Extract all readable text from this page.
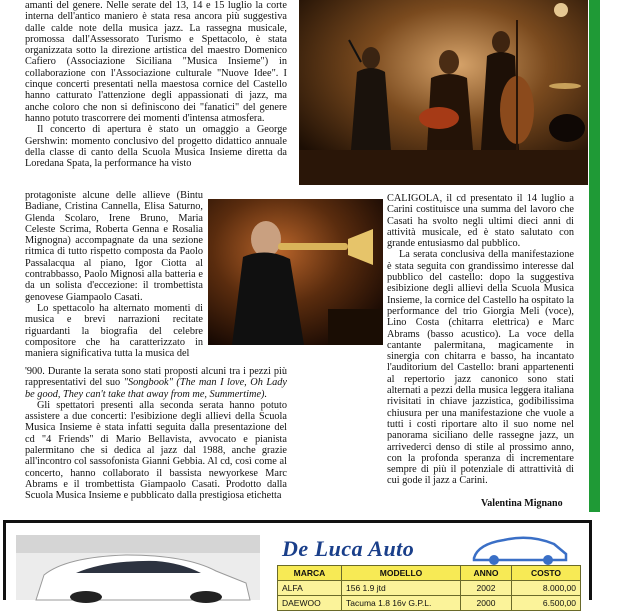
Giorgia Meli - L. Costa - M. Ambras

amanti del genere. Nelle serate del 13, 14 e 15 luglio la corte interna dell'antico maniero è stata resa ancora più suggestiva dalle calde note della musica jazz. La rassegna musicale, promossa dall'Assessorato Turismo e Spettacolo, è stata organizzata sotto la direzione artistica del maestro Domenico Cafiero (Associazione Siciliana "Musica Insieme") in collaborazione con l'Associazione culturale "Nuove Idee". I cinque concerti presentati nella maestosa cornice del Castello hanno catturato l'attenzione degli appassionati di jazz, ma anche coloro che non si definiscono dei "fanatici" del genere hanno potuto trascorrere dei momenti d'intensa atmosfera.

Il concerto di apertura è stato un omaggio a George Gershwin: momento conclusivo del progetto didattico annuale della classe di canto della Scuola Musica Insieme diretta da Loredana Spata, la performance ha visto

protagoniste alcune delle allieve (Bintu Badiane, Cristina Cannella, Elisa Saturno, Glenda Scolaro, Irene Bruno, Maria Celeste Scrima, Roberta Genna e Rosalia Mignogna) accompagnate da una sezione ritmica di tutto rispetto composta da Paolo Passalacqua al piano, Igor Ciotta al contrabbasso, Paolo Mignosi alla batteria e da un solista d'eccezione: il trombettista genovese Giampaolo Casati.

Lo spettacolo ha alternato momenti di musica e brevi narrazioni recitate riguardanti la biografia del celebre compositore che ha caratterizzato in maniera significativa tutta la musica del

'900. Durante la serata sono stati proposti alcuni tra i pezzi più rappresentativi del suo "Songbook" (The man I love, Oh Lady be good, They can't take that away from me, Summertime).

Gli spettatori presenti alla seconda serata hanno potuto assistere a due concerti: l'esibizione degli allievi della Scuola Musica Insieme è stata infatti seguita dalla presentazione del cd "4 Friends" di Mario Bellavista, avvocato e pianista palermitano che si dedica al jazz dal 1988, anche grazie all'incontro col sassofonista Gianni Gebbia. Al cd, così come al concerto, hanno collaborato il bassista newyorkese Marc Abrams e il trombettista Giampaolo Casati. Prodotto dalla Scuola Musica Insieme e pubblicato dalla prestigiosa etichetta

CALIGOLA, il cd presentato il 14 luglio a Carini costituisce una summa del lavoro che Casati ha svolto negli ultimi dieci anni di attività musicale, ed è stato salutato con grande entusiasmo dal pubblico.

La serata conclusiva della manifestazione è stata seguita con grandissimo interesse dal pubblico del castello: dopo la suggestiva esibizione degli allievi della Scuola Musica Insieme, la cornice del Castello ha ospitato la performance del trio Giorgia Meli (voce), Lino Costa (chitarra elettrica) e Marc Abrams (basso acustico). La voce della cantante palermitana, magicamente in sinergia con chitarra e basso, ha incantato l'auditorium del Castello: brani appartenenti al repertorio jazz canonico sono stati alternati a pezzi della musica leggera italiana rivisitati in chiave jazzistica, godibilissima chiusura per una manifestazione che vuole a tutti i costi riportare alto il suo nome nel panorama siciliano delle rassegne jazz, un arrivederci denso di stile al prossimo anno, con la profonda speranza di incrementare sempre di più il potenziale di attrattività di cui gode il jazz a Carini.

Valentina Mignano
De Luca Auto
MARCA	MODELLO	ANNO	COSTO
ALFA	156 1.9 jtd	2002	8.000,00
DAEWOO	Tacuma 1.8 16v G.P.L.	2000	6.500,00
